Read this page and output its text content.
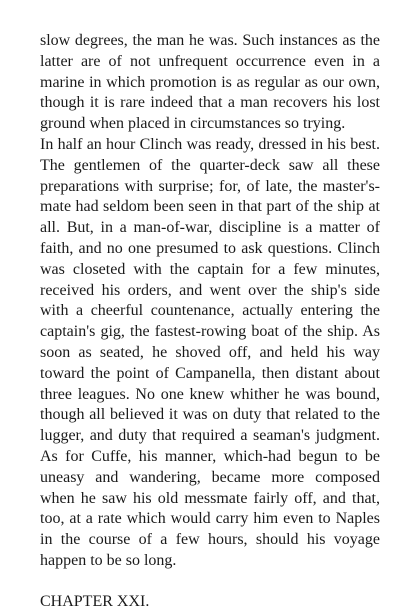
slow degrees, the man he was. Such instances as the latter are of not unfrequent occurrence even in a marine in which promotion is as regular as our own, though it is rare indeed that a man recovers his lost ground when placed in circumstances so trying.

In half an hour Clinch was ready, dressed in his best. The gentlemen of the quarter-deck saw all these preparations with surprise; for, of late, the master's-mate had seldom been seen in that part of the ship at all. But, in a man-of-war, discipline is a matter of faith, and no one presumed to ask questions. Clinch was closeted with the captain for a few minutes, received his orders, and went over the ship's side with a cheerful countenance, actually entering the captain's gig, the fastest-rowing boat of the ship. As soon as seated, he shoved off, and held his way toward the point of Campanella, then distant about three leagues. No one knew whither he was bound, though all believed it was on duty that related to the lugger, and duty that required a seaman's judgment. As for Cuffe, his manner, which-had begun to be uneasy and wandering, became more composed when he saw his old messmate fairly off, and that, too, at a rate which would carry him even to Naples in the course of a few hours, should his voyage happen to be so long.

CHAPTER XXI.
